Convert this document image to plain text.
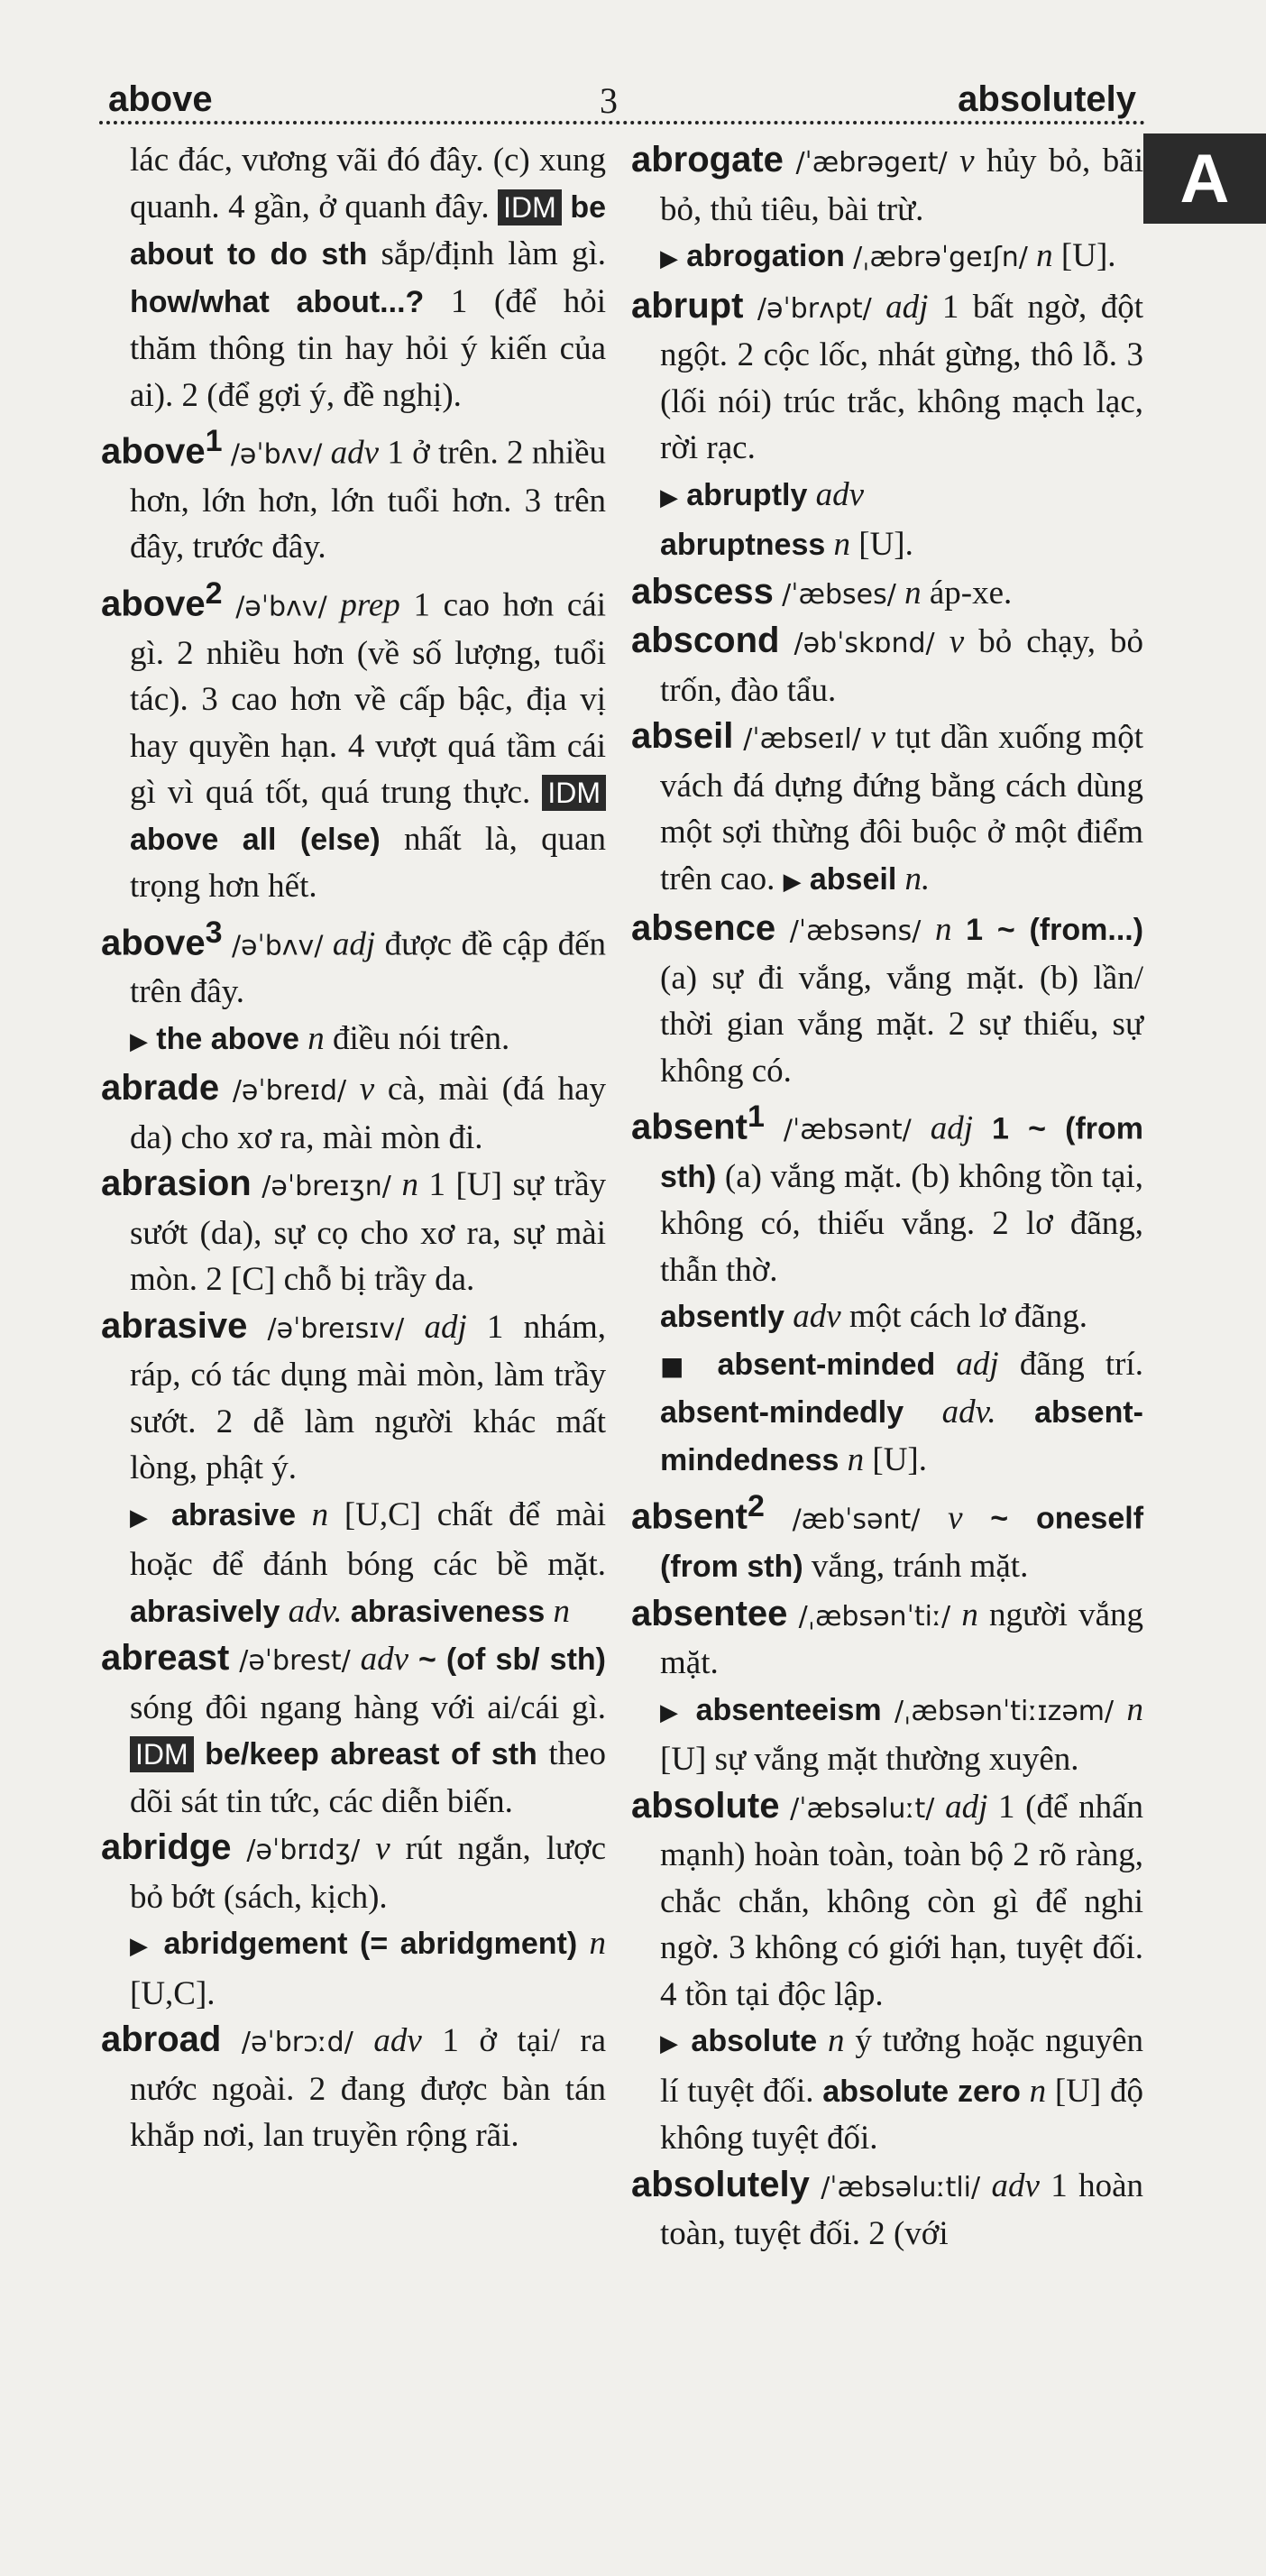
above	3	absolutely
A

lác đác, vương vãi đó đây. (c) xung quanh. 4 gần, ở quanh đây. IDM be about to do sth sắp/định làm gì. how/what about...? 1 (để hỏi thăm thông tin hay hỏi ý kiến của ai). 2 (để gợi ý, đề nghị).

above$^1$ /əˈbʌv/ adv 1 ở trên. 2 nhiều hơn, lớn hơn, lớn tuổi hơn. 3 trên đây, trước đây.

above$^2$ /əˈbʌv/ prep 1 cao hơn cái gì. 2 nhiều hơn (về số lượng, tuổi tác). 3 cao hơn về cấp bậc, địa vị hay quyền hạn. 4 vượt quá tầm cái gì vì quá tốt, quá trung thực. IDM above all (else) nhất là, quan trọng hơn hết.

above$^3$ /əˈbʌv/ adj được đề cập đến trên đây.

▶ the above n điều nói trên.

abrade /əˈbreɪd/ v cà, mài (đá hay da) cho xơ ra, mài mòn đi.

abrasion /əˈbreɪʒn/ n 1 [U] sự trầy sướt (da), sự cọ cho xơ ra, sự mài mòn. 2 [C] chỗ bị trầy da.

abrasive /əˈbreɪsɪv/ adj 1 nhám, ráp, có tác dụng mài mòn, làm trầy sướt. 2 dễ làm người khác mất lòng, phật ý.

▶ abrasive n [U,C] chất để mài hoặc để đánh bóng các bề mặt. abrasively adv. abrasiveness n

abreast /əˈbrest/ adv ~ (of sb/ sth) sóng đôi ngang hàng với ai/cái gì. IDM be/keep abreast of sth theo dõi sát tin tức, các diễn biến.

abridge /əˈbrɪdʒ/ v rút ngắn, lược bỏ bớt (sách, kịch).

▶ abridgement (= abridgment) n [U,C].

abroad /əˈbrɔːd/ adv 1 ở tại/ ra nước ngoài. 2 đang được bàn tán khắp nơi, lan truyền rộng rãi.

abrogate /ˈæbrəgeɪt/ v hủy bỏ, bãi bỏ, thủ tiêu, bài trừ.

▶ abrogation /ˌæbrəˈgeɪʃn/ n [U].

abrupt /əˈbrʌpt/ adj 1 bất ngờ, đột ngột. 2 cộc lốc, nhát gừng, thô lỗ. 3 (lối nói) trúc trắc, không mạch lạc, rời rạc.

▶ abruptly adv
abruptness n [U].

abscess /ˈæbses/ n áp-xe.

abscond /əbˈskɒnd/ v bỏ chạy, bỏ trốn, đào tẩu.

abseil /ˈæbseɪl/ v tụt dần xuống một vách đá dựng đứng bằng cách dùng một sợi thừng đôi buộc ở một điểm trên cao. ▶ abseil n.

absence /ˈæbsəns/ n 1 ~ (from...) (a) sự đi vắng, vắng mặt. (b) lần/ thời gian vắng mặt. 2 sự thiếu, sự không có.

absent$^1$ /ˈæbsənt/ adj 1 ~ (from sth) (a) vắng mặt. (b) không tồn tại, không có, thiếu vắng. 2 lơ đãng, thẫn thờ.

absently adv một cách lơ đãng.

■ absent-minded adj đãng trí. absent-mindedly adv. absent-mindedness n [U].

absent$^2$ /æbˈsənt/ v ~ oneself (from sth) vắng, tránh mặt.

absentee /ˌæbsənˈtiː/ n người vắng mặt.

▶ absenteeism /ˌæbsənˈtiːɪzəm/ n [U] sự vắng mặt thường xuyên.

absolute /ˈæbsəluːt/ adj 1 (để nhấn mạnh) hoàn toàn, toàn bộ 2 rõ ràng, chắc chắn, không còn gì để nghi ngờ. 3 không có giới hạn, tuyệt đối. 4 tồn tại độc lập.

▶ absolute n ý tưởng hoặc nguyên lí tuyệt đối. absolute zero n [U] độ không tuyệt đối.

absolutely /ˈæbsəluːtli/ adv 1 hoàn toàn, tuyệt đối. 2 (với
